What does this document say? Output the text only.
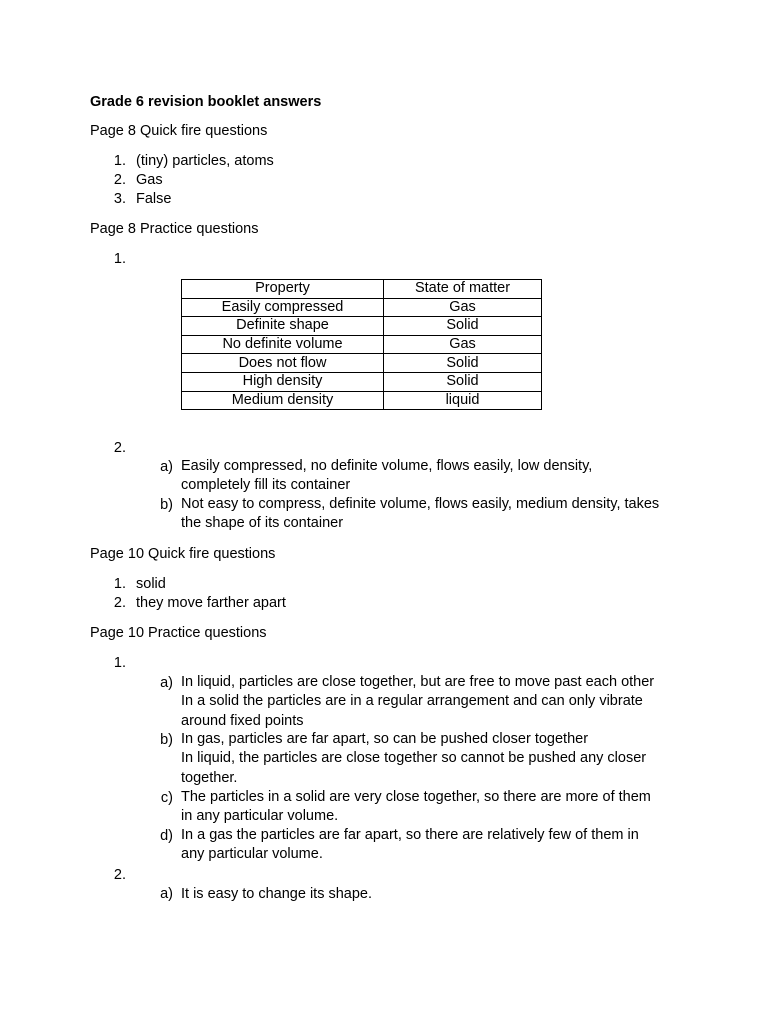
Grade 6 revision booklet answers
Page 8 Quick fire questions
1. (tiny) particles, atoms
2. Gas
3. False
Page 8 Practice questions
1.
Property	State of matter
Easily compressed	Gas
Definite shape	Solid
No definite volume	Gas
Does not flow	Solid
High density	Solid
Medium density	liquid
2.
a) Easily compressed, no definite volume, flows easily, low density,
completely fill its container
b) Not easy to compress, definite volume, flows easily, medium density, takes
the shape of its container
Page 10 Quick fire questions
1. solid
2. they move farther apart
Page 10 Practice questions
1.
a) In liquid, particles are close together, but are free to move past each other
In a solid the particles are in a regular arrangement and can only vibrate
around fixed points
b) In gas, particles are far apart, so can be pushed closer together
In liquid, the particles are close together so cannot be pushed any closer
together.
c) The particles in a solid are very close together, so there are more of them
in any particular volume.
d) In a gas the particles are far apart, so there are relatively few of them in
any particular volume.
2.
a) It is easy to change its shape.
